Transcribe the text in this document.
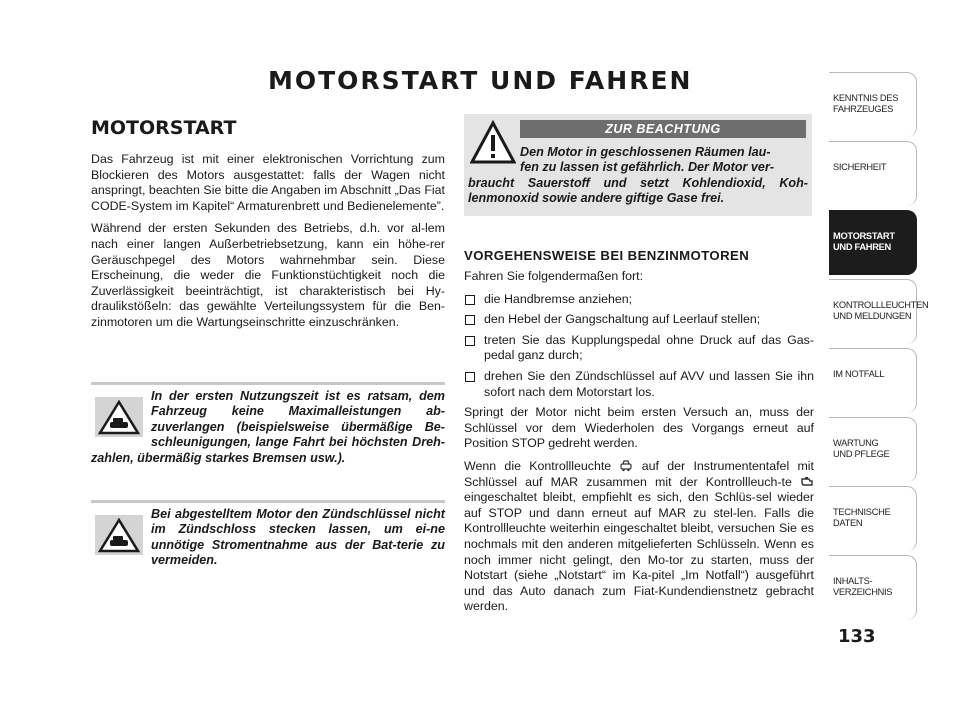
MOTORSTART UND FAHREN
MOTORSTART

Das Fahrzeug ist mit einer elektronischen Vorrichtung zum Blockieren des Motors ausgestattet: falls der Wagen nicht anspringt, beachten Sie bitte die Angaben im Abschnitt „Das Fiat CODE-System im Kapitel“ Armaturenbrett und Bedienelemente”.

Während der ersten Sekunden des Betriebs, d.h. vor al-lem nach einer langen Außerbetriebsetzung, kann ein höhe-rer Geräuschpegel des Motors wahrnehmbar sein. Diese Erscheinung, die weder die Funktionstüchtigkeit noch die Zuverlässigkeit beeinträchtigt, ist charakteristisch bei Hy-draulikstößeln: das gewählte Verteilungssystem für die Ben-zinmotoren um die Wartungseinschritte einzuschränken.

In der ersten Nutzungszeit ist es ratsam, dem Fahrzeug keine Maximalleistungen ab-zuverlangen (beispielsweise übermäßige Be-schleunigungen, lange Fahrt bei höchsten Dreh-zahlen, übermäßig starkes Bremsen usw.).
Bei abgestelltem Motor den Zündschlüssel nicht im Zündschloss stecken lassen, um ei-ne unnötige Stromentnahme aus der Bat-terie zu vermeiden.
ZUR BEACHTUNG
Den Motor in geschlossenen Räumen lau-
fen zu lassen ist gefährlich. Der Motor ver-
braucht Sauerstoff und setzt Kohlendioxid, Koh-lenmonoxid sowie andere giftige Gase frei.
VORGEHENSWEISE BEI BENZINMOTOREN

Fahren Sie folgendermaßen fort:

die Handbremse anziehen;
den Hebel der Gangschaltung auf Leerlauf stellen;
treten Sie das Kupplungspedal ohne Druck auf das Gas-pedal ganz durch;
drehen Sie den Zündschlüssel auf AVV und lassen Sie ihn sofort nach dem Motorstart los.

Springt der Motor nicht beim ersten Versuch an, muss der Schlüssel vor dem Wiederholen des Vorgangs erneut auf Position STOP gedreht werden.

Wenn die Kontrollleuchte auf der Instrumententafel mit Schlüssel auf MAR zusammen mit der Kontrollleuch-te  eingeschaltet bleibt, empfiehlt es sich, den Schlüs-sel wieder auf STOP und dann erneut auf MAR zu stel-len. Falls die Kontrollleuchte weiterhin eingeschaltet bleibt, versuchen Sie es nochmals mit den anderen mitgelieferten Schlüsseln. Wenn es noch immer nicht gelingt, den Mo-tor zu starten, muss der Notstart (siehe „Notstart“ im Ka-pitel „Im Notfall“) ausgeführt und das Auto danach zum Fiat-Kundendienstnetz gebracht werden.

KENNTNIS DES
FAHRZEUGES
SICHERHEIT

MOTORSTART
UND FAHREN
KONTROLLLEUCHTEN
UND MELDUNGEN
IM NOTFALL

WARTUNG
UND PFLEGE
TECHNISCHE DATEN

INHALTS-
VERZEICHNIS
133
